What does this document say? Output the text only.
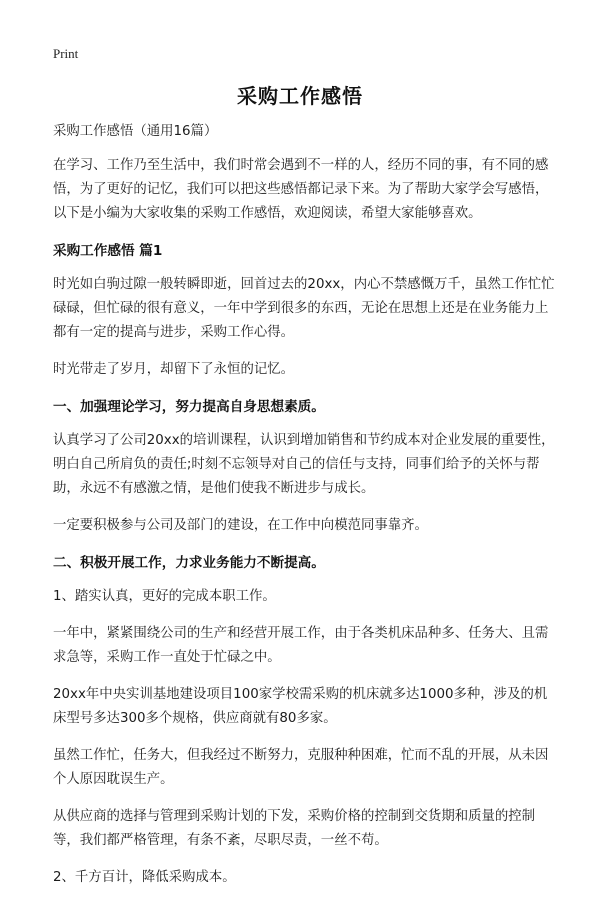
Print
采购工作感悟
采购工作感悟（通用16篇）
在学习、工作乃至生活中，我们时常会遇到不一样的人，经历不同的事，有不同的感悟，为了更好的记忆，我们可以把这些感悟都记录下来。为了帮助大家学会写感悟，以下是小编为大家收集的采购工作感悟，欢迎阅读，希望大家能够喜欢。
采购工作感悟 篇1
时光如白驹过隙一般转瞬即逝，回首过去的20xx，内心不禁感慨万千，虽然工作忙忙碌碌，但忙碌的很有意义，一年中学到很多的东西，无论在思想上还是在业务能力上都有一定的提高与进步，采购工作心得。
时光带走了岁月，却留下了永恒的记忆。
一、加强理论学习，努力提高自身思想素质。
认真学习了公司20xx的培训课程，认识到增加销售和节约成本对企业发展的重要性，明白自己所肩负的责任;时刻不忘领导对自己的信任与支持，同事们给予的关怀与帮助，永远不有感激之情，是他们使我不断进步与成长。
一定要积极参与公司及部门的建设，在工作中向模范同事靠齐。
二、积极开展工作，力求业务能力不断提高。
1、踏实认真，更好的完成本职工作。
一年中，紧紧围绕公司的生产和经营开展工作，由于各类机床品种多、任务大、且需求急等，采购工作一直处于忙碌之中。
20xx年中央实训基地建设项目100家学校需采购的机床就多达1000多种，涉及的机床型号多达300多个规格，供应商就有80多家。
虽然工作忙，任务大，但我经过不断努力，克服种种困难，忙而不乱的开展，从未因个人原因耽误生产。
从供应商的选择与管理到采购计划的下发，采购价格的控制到交货期和质量的控制等，我们都严格管理，有条不紊，尽职尽责，一丝不苟。
2、千方百计，降低采购成本。
